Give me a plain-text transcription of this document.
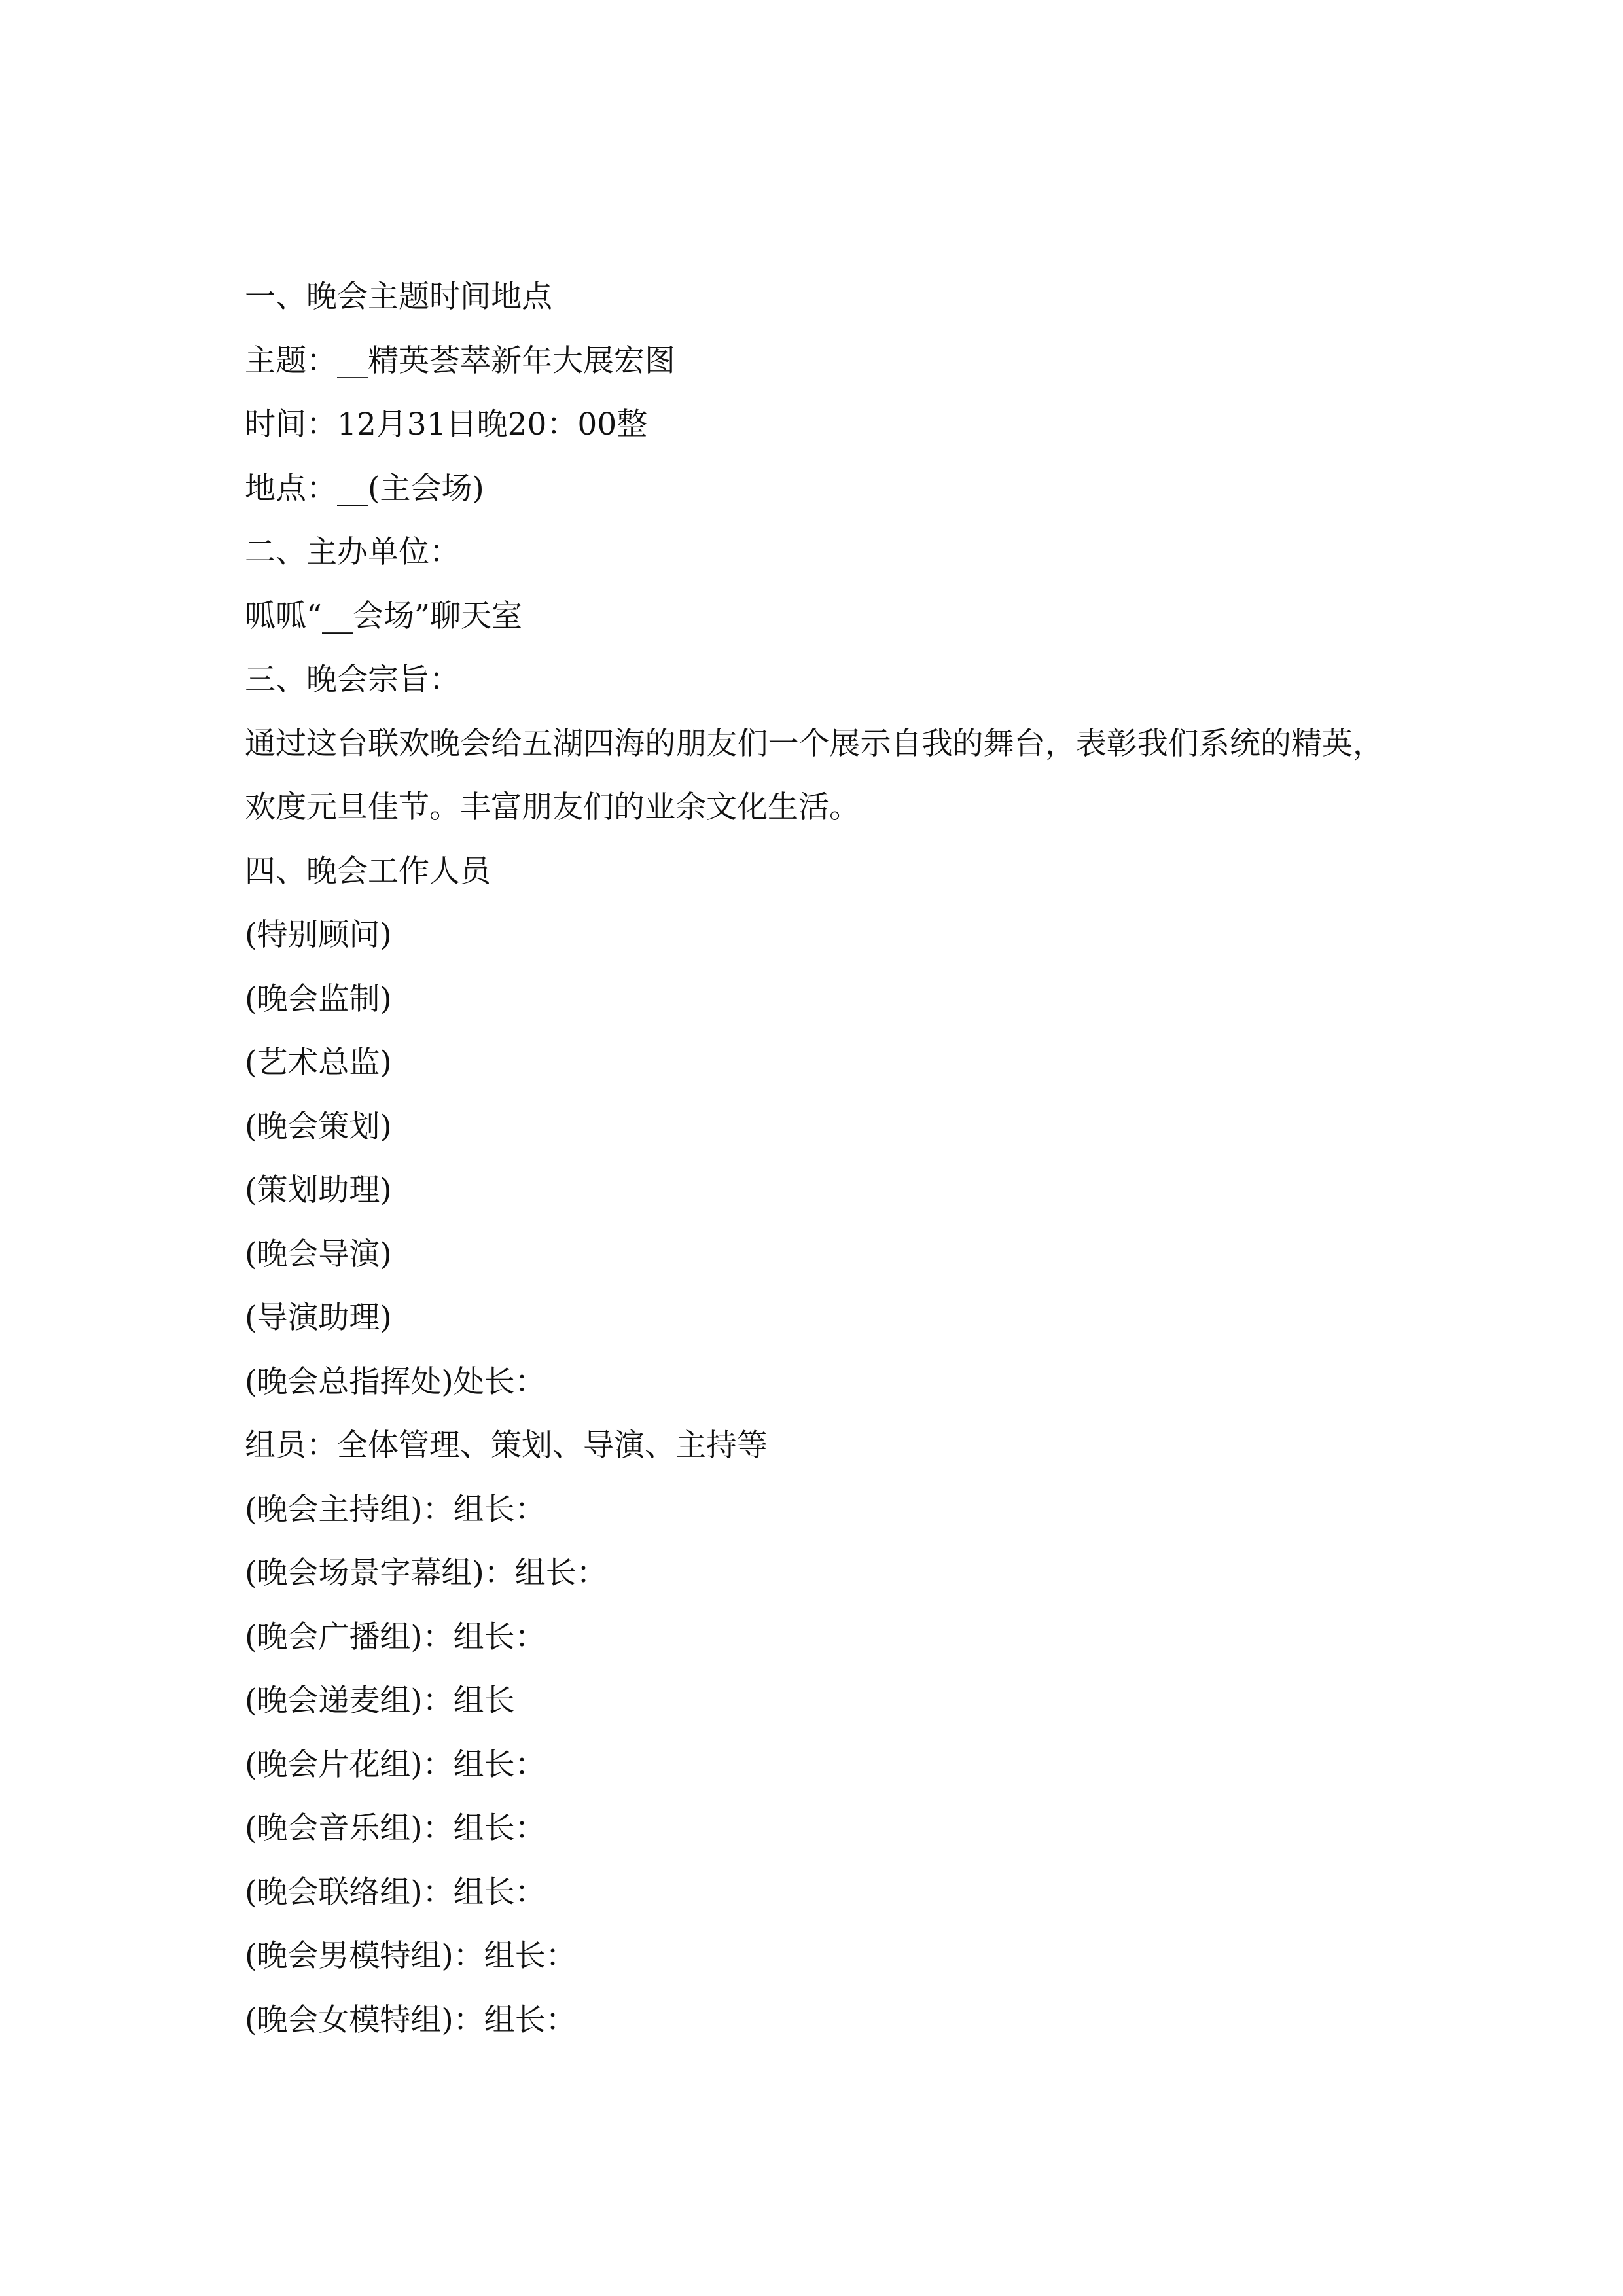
一、晚会主题时间地点
主题：__精英荟萃新年大展宏图
时间：12月31日晚20：00整
地点：__(主会场)
二、主办单位：
呱呱“__会场”聊天室
三、晚会宗旨：

通过这台联欢晚会给五湖四海的朋友们一个展示自我的舞台，表彰我们系统的精英，欢度元旦佳节。丰富朋友们的业余文化生活。

四、晚会工作人员
(特别顾问)
(晚会监制)
(艺术总监)
(晚会策划)
(策划助理)
(晚会导演)
(导演助理)
(晚会总指挥处)处长：
组员：全体管理、策划、导演、主持等
(晚会主持组)：组长：
(晚会场景字幕组)：组长：
(晚会广播组)：组长：
(晚会递麦组)：组长
(晚会片花组)：组长：
(晚会音乐组)：组长：
(晚会联络组)：组长：
(晚会男模特组)：组长：
(晚会女模特组)：组长：
